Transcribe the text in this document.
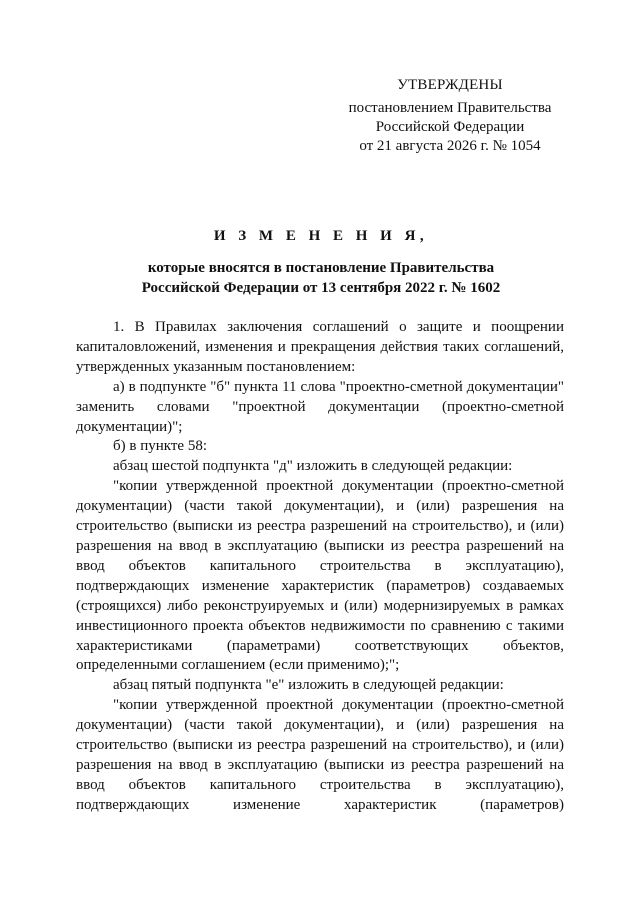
УТВЕРЖДЕНЫ
постановлением Правительства
Российской Федерации
от 21 августа 2026 г. № 1054
И З М Е Н Е Н И Я,
которые вносятся в постановление Правительства
Российской Федерации от 13 сентября 2022 г. № 1602

1. В Правилах заключения соглашений о защите и поощрении капиталовложений, изменения и прекращения действия таких соглашений, утвержденных указанным постановлением:

а) в подпункте "б" пункта 11 слова "проектно-сметной документации" заменить словами "проектной документации (проектно-сметной документации)";

б) в пункте 58:

абзац шестой подпункта "д" изложить в следующей редакции:

"копии утвержденной проектной документации (проектно-сметной документации) (части такой документации), и (или) разрешения на строительство (выписки из реестра разрешений на строительство), и (или) разрешения на ввод в эксплуатацию (выписки из реестра разрешений на ввод объектов капитального строительства в эксплуатацию), подтверждающих изменение характеристик (параметров) создаваемых (строящихся) либо реконструируемых и (или) модернизируемых в рамках инвестиционного проекта объектов недвижимости по сравнению с такими характеристиками (параметрами) соответствующих объектов, определенными соглашением (если применимо);";

абзац пятый подпункта "е" изложить в следующей редакции:

"копии утвержденной проектной документации (проектно-сметной документации) (части такой документации), и (или) разрешения на строительство (выписки из реестра разрешений на строительство), и (или) разрешения на ввод в эксплуатацию (выписки из реестра разрешений на ввод объектов капитального строительства в эксплуатацию), подтверждающих изменение характеристик (параметров)
